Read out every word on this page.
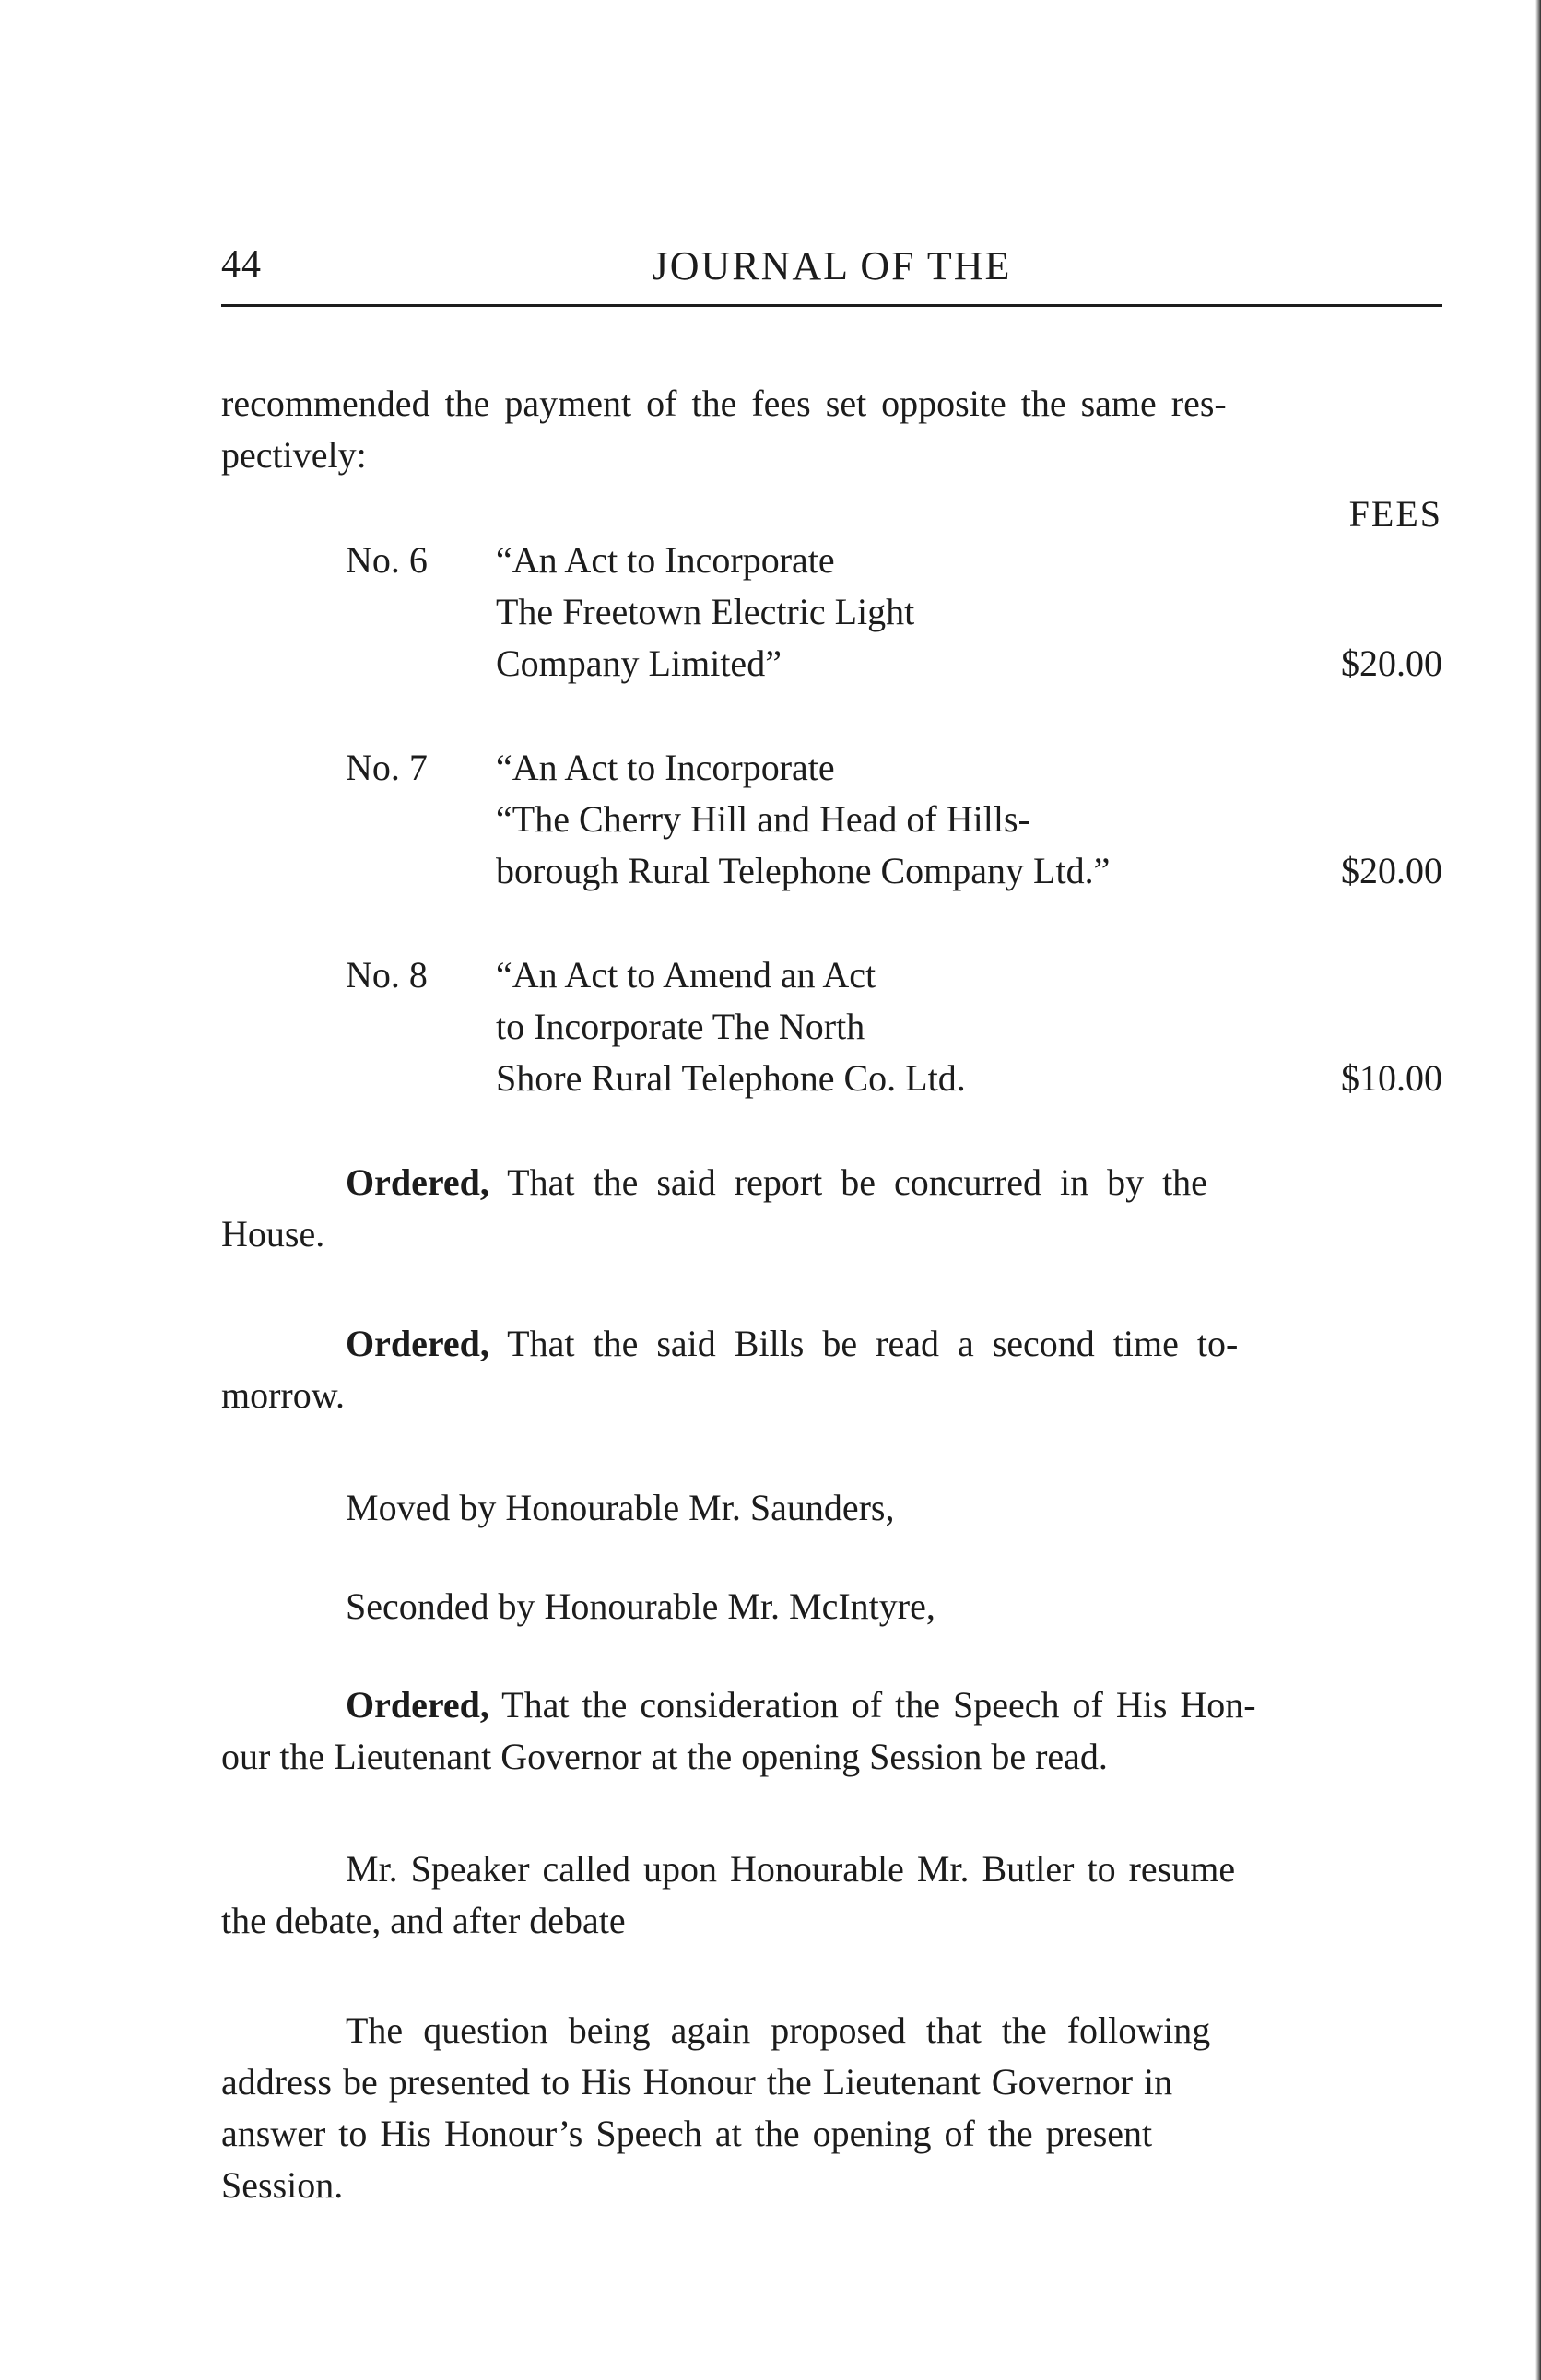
44	JOURNAL OF THE
recommended the payment of the fees set opposite the same res-
pectively:
FEES
No. 6 “An Act to Incorporate
The Freetown Electric Light
Company Limited”	$20.00
No. 7 “An Act to Incorporate
“The Cherry Hill and Head of Hills-
borough Rural Telephone Company Ltd.”	$20.00
No. 8 “An Act to Amend an Act
to Incorporate The North
Shore Rural Telephone Co. Ltd.	$10.00
Ordered, That the said report be concurred in by the
House.
Ordered, That the said Bills be read a second time to-
morrow.
Moved by Honourable Mr. Saunders,
Seconded by Honourable Mr. McIntyre,
Ordered, That the consideration of the Speech of His Hon-
our the Lieutenant Governor at the opening Session be read.
Mr. Speaker called upon Honourable Mr. Butler to resume
the debate, and after debate
The question being again proposed that the following
address be presented to His Honour the Lieutenant Governor in
answer to His Honour’s Speech at the opening of the present
Session.
